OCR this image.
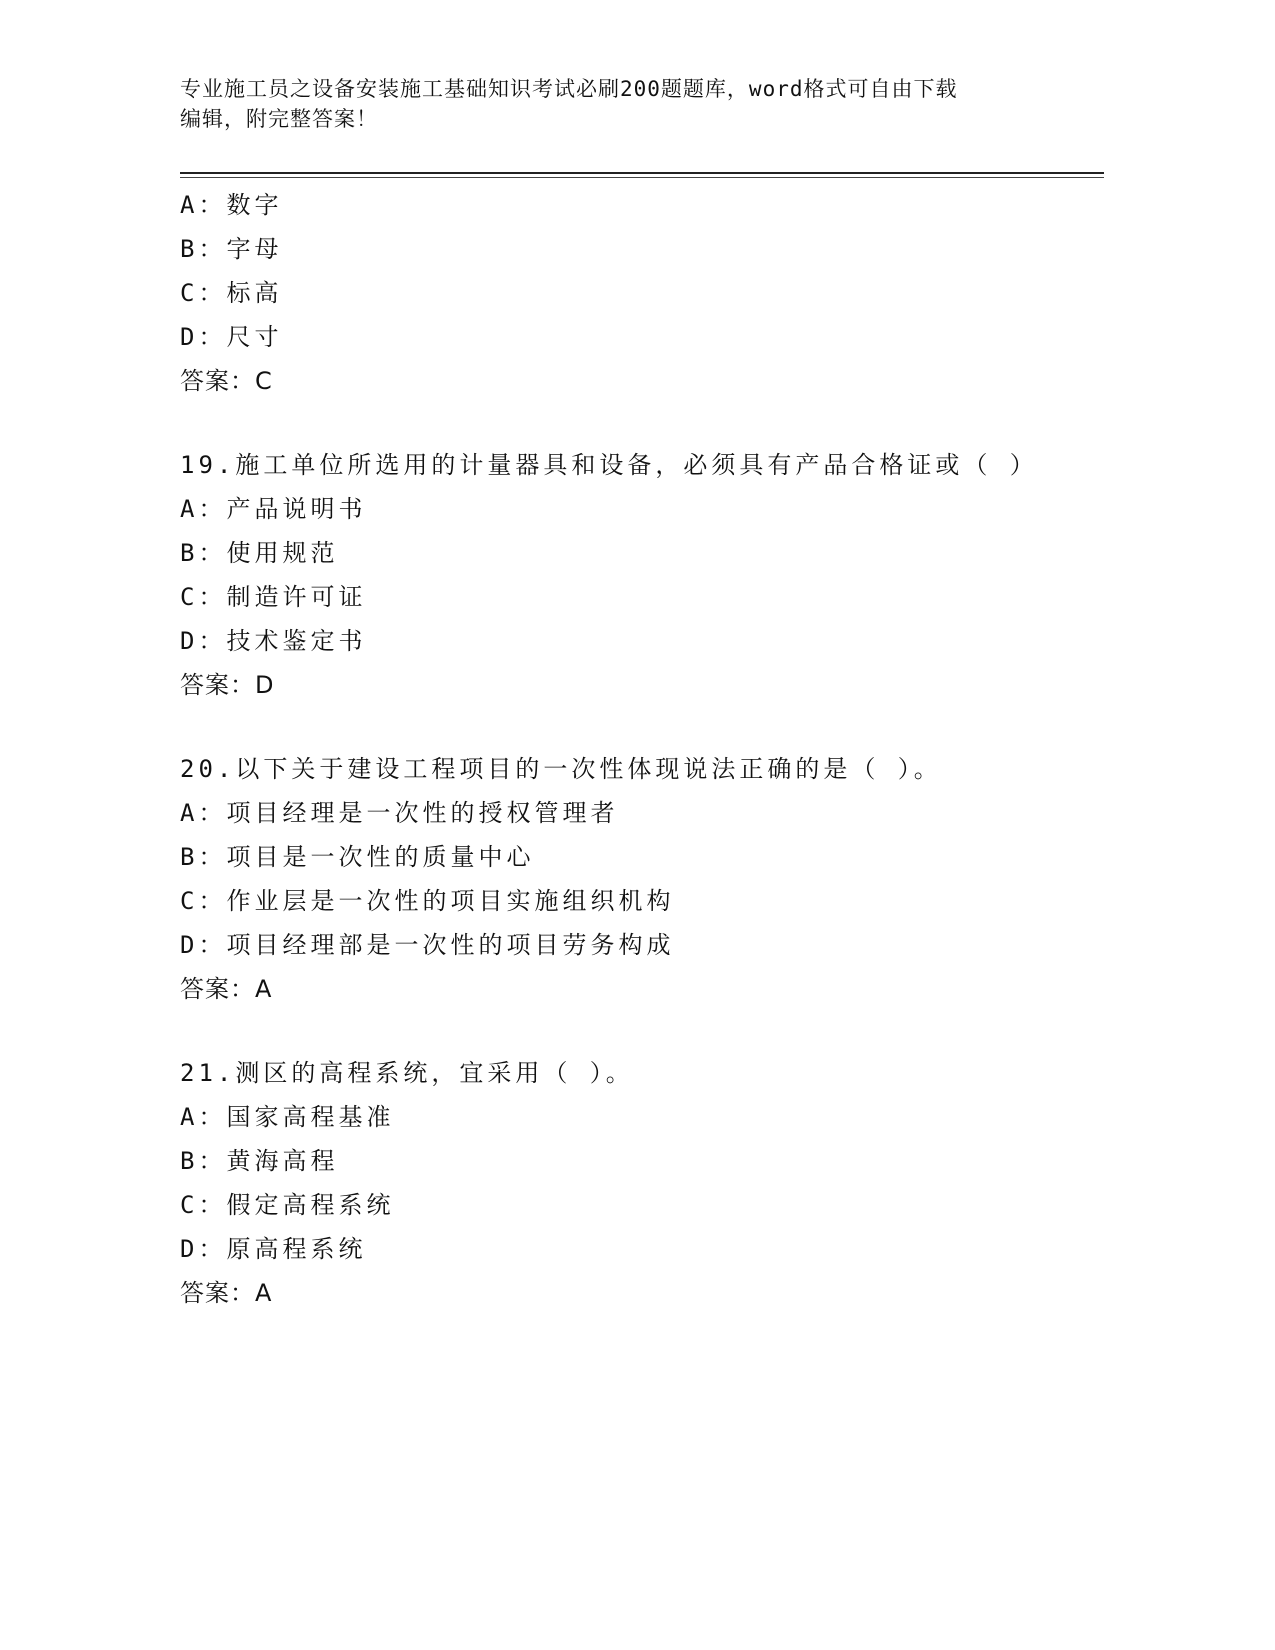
专业施工员之设备安装施工基础知识考试必刷200题题库，word格式可自由下载
编辑，附完整答案！
A：数字
B：字母
C：标高
D：尺寸
答案：C
19.施工单位所选用的计量器具和设备，必须具有产品合格证或（ ）
A：产品说明书
B：使用规范
C：制造许可证
D：技术鉴定书
答案：D
20.以下关于建设工程项目的一次性体现说法正确的是（ ）。
A：项目经理是一次性的授权管理者
B：项目是一次性的质量中心
C：作业层是一次性的项目实施组织机构
D：项目经理部是一次性的项目劳务构成
答案：A
21.测区的高程系统，宜采用（ ）。
A：国家高程基准
B：黄海高程
C：假定高程系统
D：原高程系统
答案：A
